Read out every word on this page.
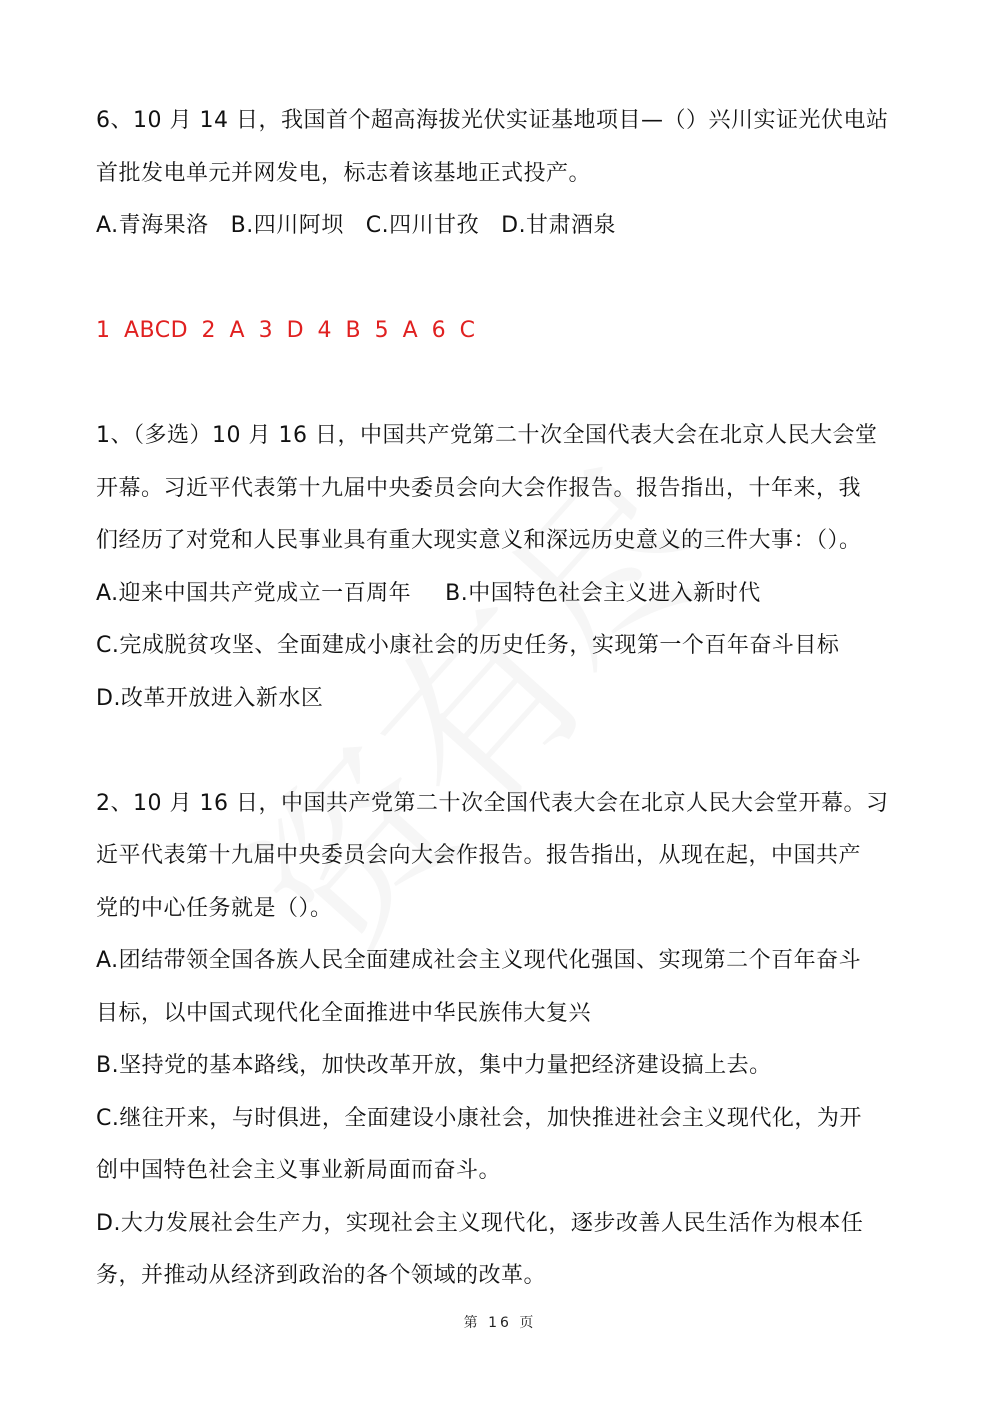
6、10 月 14 日，我国首个超高海拔光伏实证基地项目—（）兴川实证光伏电站
首批发电单元并网发电，标志着该基地正式投产。
A.青海果洛 B.四川阿坝 C.四川甘孜 D.甘肃酒泉
1 ABCD 2 A 3 D 4 B 5 A 6 C
1、（多选）10 月 16 日，中国共产党第二十次全国代表大会在北京人民大会堂
开幕。习近平代表第十九届中央委员会向大会作报告。报告指出，十年来，我
们经历了对党和人民事业具有重大现实意义和深远历史意义的三件大事：（）。
A.迎来中国共产党成立一百周年 B.中国特色社会主义进入新时代
C.完成脱贫攻坚、全面建成小康社会的历史任务，实现第一个百年奋斗目标
D.改革开放进入新水区
2、10 月 16 日，中国共产党第二十次全国代表大会在北京人民大会堂开幕。习
近平代表第十九届中央委员会向大会作报告。报告指出，从现在起，中国共产
党的中心任务就是（）。
A.团结带领全国各族人民全面建成社会主义现代化强国、实现第二个百年奋斗
目标，以中国式现代化全面推进中华民族伟大复兴
B.坚持党的基本路线，加快改革开放，集中力量把经济建设搞上去。
C.继往开来，与时俱进，全面建设小康社会，加快推进社会主义现代化，为开
创中国特色社会主义事业新局面而奋斗。
D.大力发展社会生产力，实现社会主义现代化，逐步改善人民生活作为根本任
务，并推动从经济到政治的各个领域的改革。
第 16 页
